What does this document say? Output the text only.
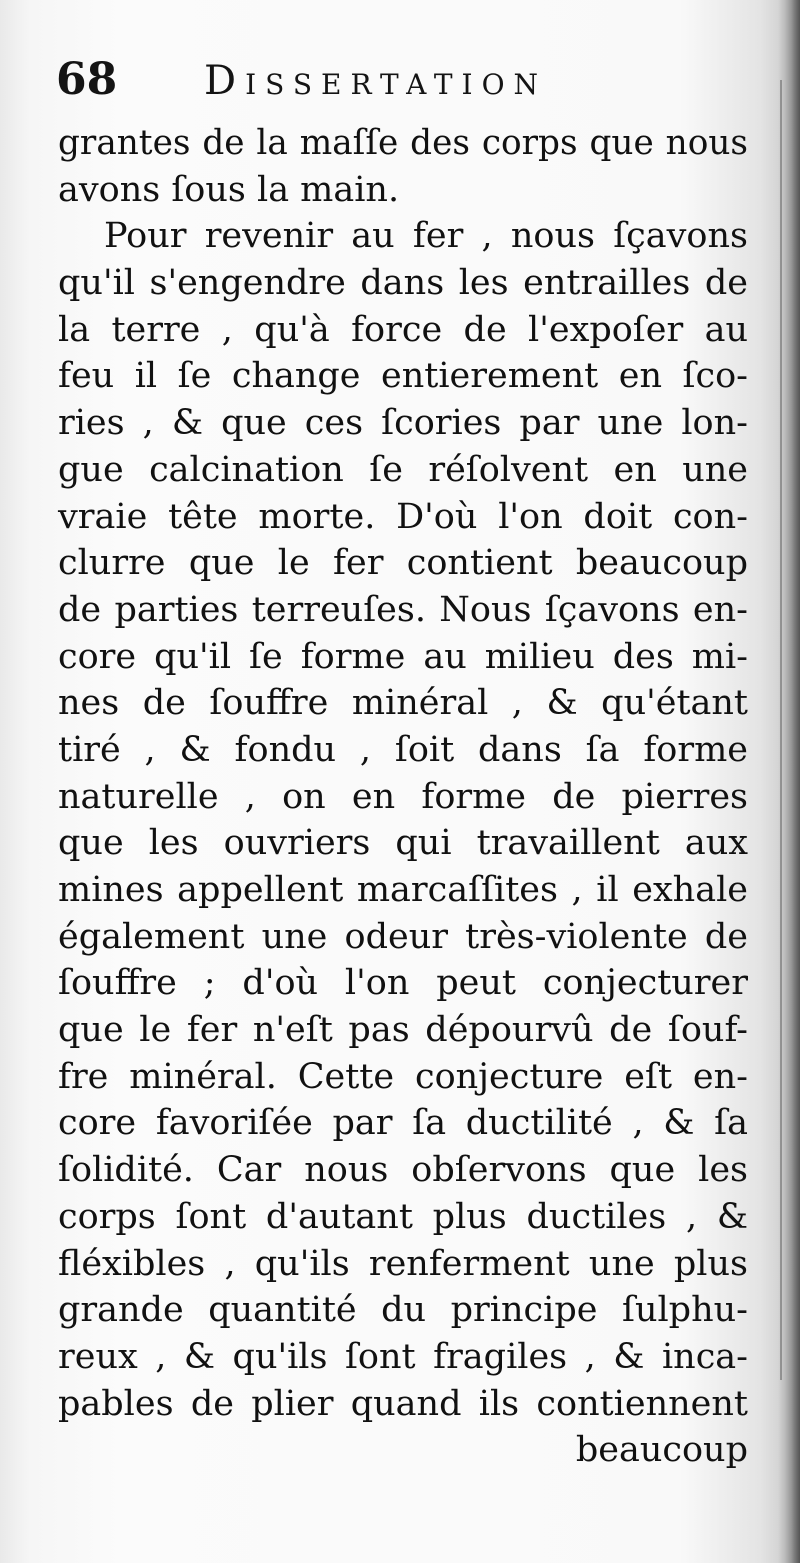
68 Dissertation
grantes de la maſſe des corps que nous
avons ſous la main.
Pour revenir au fer , nous ſçavons
qu'il s'engendre dans les entrailles de
la terre , qu'à force de l'expoſer au
feu il ſe change entierement en ſco-
ries , & que ces ſcories par une lon-
gue calcination ſe réſolvent en une
vraie tête morte. D'où l'on doit con-
clurre que le fer contient beaucoup
de parties terreuſes. Nous ſçavons en-
core qu'il ſe forme au milieu des mi-
nes de ſouffre minéral , & qu'étant
tiré , & fondu , ſoit dans ſa forme
naturelle , on en forme de pierres
que les ouvriers qui travaillent aux
mines appellent marcaſſites , il exhale
également une odeur très-violente de
ſouffre ; d'où l'on peut conjecturer
que le fer n'eſt pas dépourvû de ſouf-
fre minéral. Cette conjecture eſt en-
core favoriſée par ſa ductilité , & ſa
ſolidité. Car nous obſervons que les
corps ſont d'autant plus ductiles , &
fléxibles , qu'ils renferment une plus
grande quantité du principe ſulphu-
reux , & qu'ils ſont fragiles , & inca-
pables de plier quand ils contiennent
beaucoup
